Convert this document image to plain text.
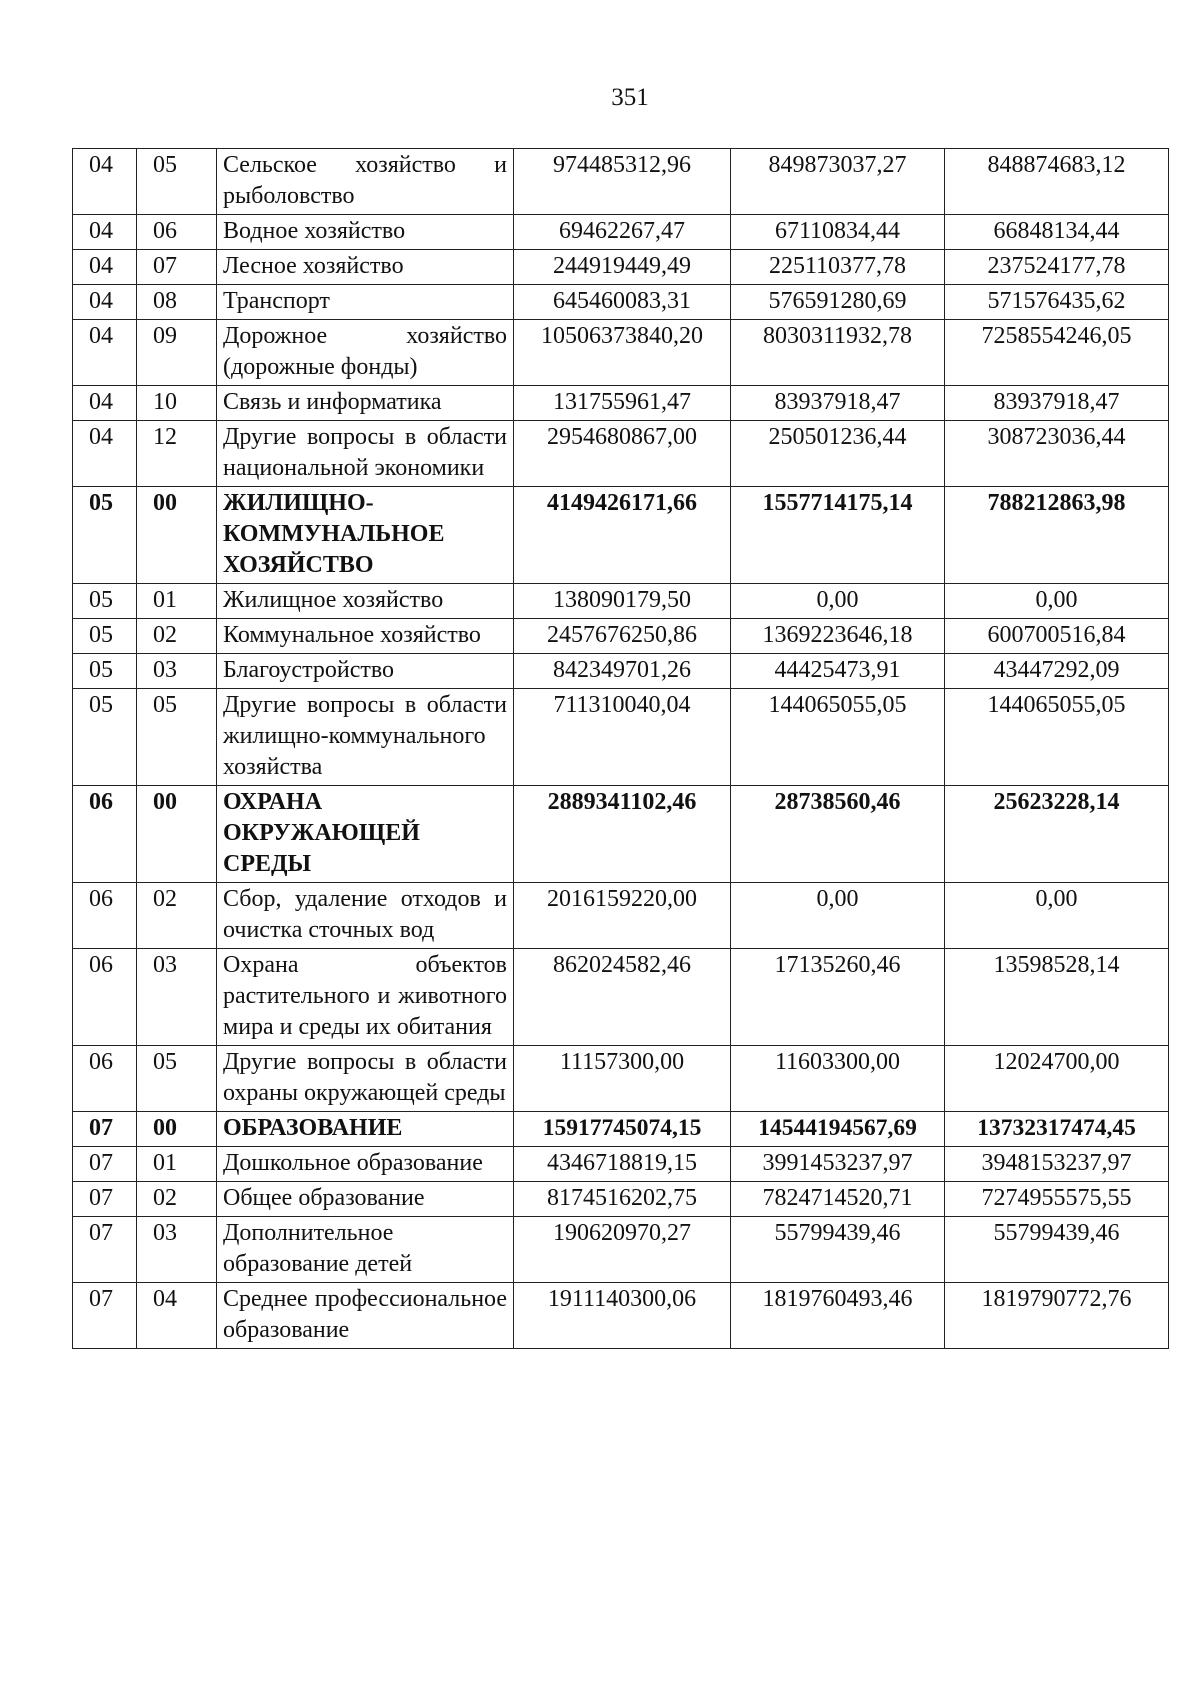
351
04	05	Сельское хозяйство и рыболовство	974485312,96	849873037,27	848874683,12
04	06	Водное хозяйство	69462267,47	67110834,44	66848134,44
04	07	Лесное хозяйство	244919449,49	225110377,78	237524177,78
04	08	Транспорт	645460083,31	576591280,69	571576435,62
04	09	Дорожное хозяйство (дорожные фонды)	10506373840,20	8030311932,78	7258554246,05
04	10	Связь и информатика	131755961,47	83937918,47	83937918,47
04	12	Другие вопросы в области национальной экономики	2954680867,00	250501236,44	308723036,44
05	00	ЖИЛИЩНО-КОММУНАЛЬНОЕ ХОЗЯЙСТВО	4149426171,66	1557714175,14	788212863,98
05	01	Жилищное хозяйство	138090179,50	0,00	0,00
05	02	Коммунальное хозяйство	2457676250,86	1369223646,18	600700516,84
05	03	Благоустройство	842349701,26	44425473,91	43447292,09
05	05	Другие вопросы в области жилищно-коммунального хозяйства	711310040,04	144065055,05	144065055,05
06	00	ОХРАНА ОКРУЖАЮЩЕЙ СРЕДЫ	2889341102,46	28738560,46	25623228,14
06	02	Сбор, удаление отходов и очистка сточных вод	2016159220,00	0,00	0,00
06	03	Охрана объектов растительного и животного мира и среды их обитания	862024582,46	17135260,46	13598528,14
06	05	Другие вопросы в области охраны окружающей среды	11157300,00	11603300,00	12024700,00
07	00	ОБРАЗОВАНИЕ	15917745074,15	14544194567,69	13732317474,45
07	01	Дошкольное образование	4346718819,15	3991453237,97	3948153237,97
07	02	Общее образование	8174516202,75	7824714520,71	7274955575,55
07	03	Дополнительное образование детей	190620970,27	55799439,46	55799439,46
07	04	Среднее профессиональное образование	1911140300,06	1819760493,46	1819790772,76
